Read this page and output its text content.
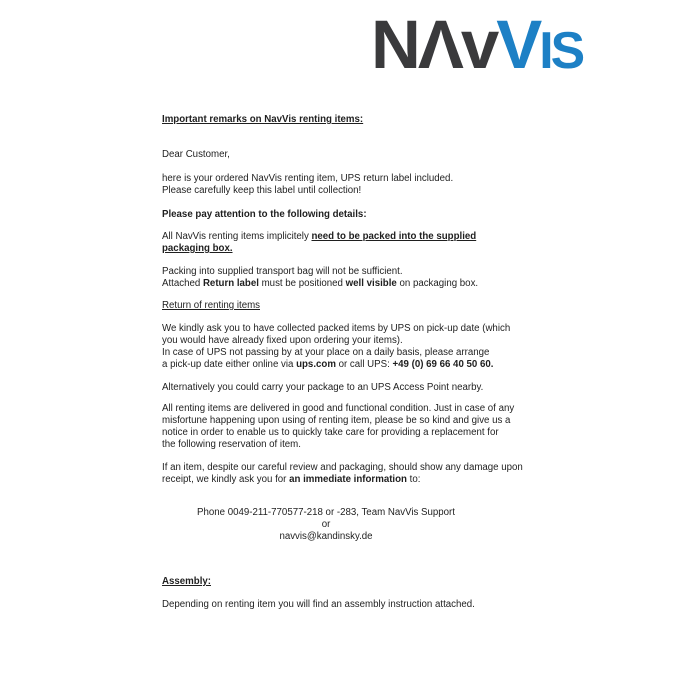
NΛvVIS

Important remarks on NavVis renting items:

Dear Customer,

here is your ordered NavVis renting item, UPS return label included.
Please carefully keep this label until collection!

Please pay attention to the following details:

All NavVis renting items implicitely need to be packed into the supplied
packaging box.

Packing into supplied transport bag will not be sufficient.
Attached Return label must be positioned well visible on packaging box.

Return of renting items

We kindly ask you to have collected packed items by UPS on pick-up date (which
you would have already fixed upon ordering your items).
In case of UPS not passing by at your place on a daily basis, please arrange
a pick-up date either online via ups.com or call UPS: +49 (0) 69 66 40 50 60.

Alternatively you could carry your package to an UPS Access Point nearby.

All renting items are delivered in good and functional condition. Just in case of any
misfortune happening upon using of renting item, please be so kind and give us a
notice in order to enable us to quickly take care for providing a replacement for
the following reservation of item.

If an item, despite our careful review and packaging, should show any damage upon
receipt, we kindly ask you for an immediate information to:

Phone 0049-211-770577-218 or -283, Team NavVis Support
or
navvis@kandinsky.de

Assembly:

Depending on renting item you will find an assembly instruction attached.
